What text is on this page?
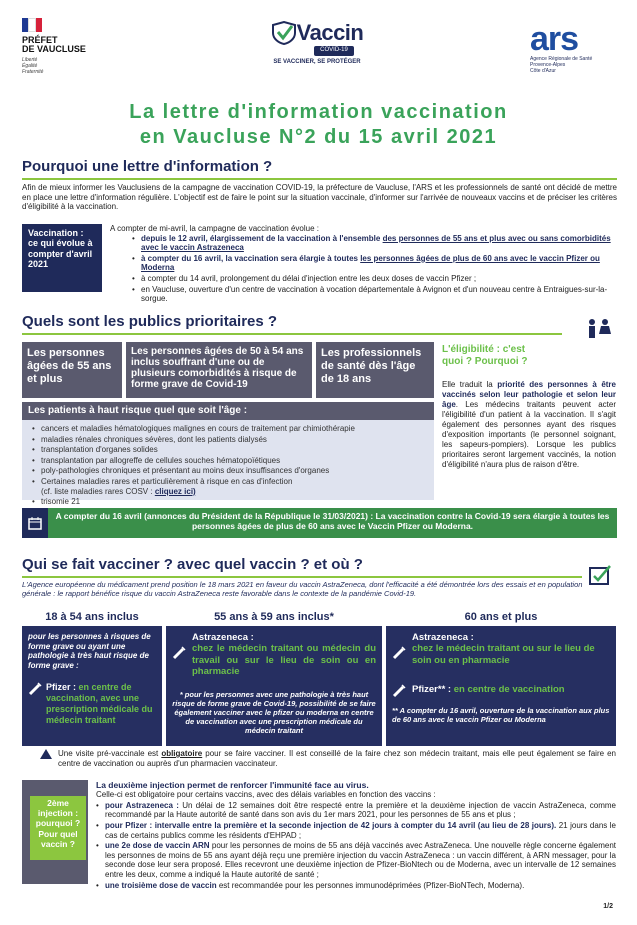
PRÉFET
DE VAUCLUSE
Liberté
Égalité
Fraternité
Vaccin
COVID-19
SE VACCINER, SE PROTÉGER
ars
Agence Régionale de Santé
Provence-Alpes
Côte d'Azur
La lettre d'information vaccination
en Vaucluse N°2 du 15 avril 2021
Pourquoi une lettre d'information ?
Afin de mieux informer les Vauclusiens de la campagne de vaccination COVID-19, la préfecture de Vaucluse, l'ARS et les professionnels de santé ont décidé de mettre en place une lettre d'information régulière. L'objectif est de faire le point sur la situation vaccinale, d'informer sur l'arrivée de nouveaux vaccins et de préciser les critères d'éligibilité à la vaccination.
Vaccination : ce qui évolue à compter d'avril 2021
A compter de mi-avril, la campagne de vaccination évolue :
• depuis le 12 avril, élargissement de la vaccination à l'ensemble des personnes de 55 ans et plus avec ou sans comorbidités avec le vaccin Astrazeneca
• à compter du 16 avril, la vaccination sera élargie à toutes les personnes âgées de plus de 60 ans avec le vaccin Pfizer ou Moderna
• à compter du 14 avril, prolongement du délai d'injection entre les deux doses de vaccin Pfizer ;
• en Vaucluse, ouverture d'un centre de vaccination à vocation départementale à Avignon et d'un nouveau centre à Entraigues-sur-la-sorgue.
Quels sont les publics prioritaires ?
Les personnes âgées de 55 ans et plus
Les personnes âgées de 50 à 54 ans inclus souffrant d'une ou de plusieurs comorbidités à risque de forme grave de Covid-19
Les professionnels de santé dès l'âge de 18 ans
Les patients à haut risque quel que soit l'âge :
• cancers et maladies hématologiques malignes en cours de traitement par chimiothérapie
• maladies rénales chroniques sévères, dont les patients dialysés
• transplantation d'organes solides
• transplantation par allogreffe de cellules souches hématopoïétiques
• poly-pathologies chroniques et présentant au moins deux insuffisances d'organes
• Certaines maladies rares et particulièrement à risque en cas d'infection
(cf. liste maladies rares COSV : cliquez ici)
• trisomie 21
L'éligibilité : c'est quoi ? Pourquoi ?
Elle traduit la priorité des personnes à être vaccinés selon leur pathologie et selon leur âge. Les médecins traitants peuvent acter l'éligibilité d'un patient à la vaccination. Il s'agit également des personnes ayant des risques d'exposition importants (le personnel soignant, les sapeurs-pompiers). Lorsque les publics prioritaires seront largement vaccinés, la notion d'éligibilité n'aura plus de raison d'être.
A compter du 16 avril (annonces du Président de la République le 31/03/2021) : La vaccination contre la Covid-19 sera élargie à toutes les personnes âgées de plus de 60 ans avec le Vaccin Pfizer ou Moderna.
Qui se fait vacciner ? avec quel vaccin ? et où ?
L'Agence européenne du médicament prend position le 18 mars 2021 en faveur du vaccin AstraZeneca, dont l'efficacité a été démontrée lors des essais et en population générale : le rapport bénéfice risque du vaccin AstraZeneca reste favorable dans le contexte de la pandémie Covid-19.
18 à 54 ans inclus	55 ans à 59 ans inclus*	60 ans et plus
pour les personnes à risques de forme grave ou ayant une pathologie à très haut risque de forme grave :
Pfizer : en centre de vaccination, avec une prescription médicale du médecin traitant
Astrazeneca :
chez le médecin traitant ou médecin du travail ou sur le lieu de soin ou en pharmacie
* pour les personnes avec une pathologie à très haut risque de forme grave de Covid-19, possibilité de se faire également vacciner avec le pfizer ou moderna en centre de vaccination avec une prescription médicale du médecin traitant
Astrazeneca :
chez le médecin traitant ou sur le lieu de soin ou en pharmacie
Pfizer** : en centre de vaccination
** A compter du 16 avril, ouverture de la vaccination aux plus de 60 ans avec le vaccin Pfizer ou Moderna
Une visite pré-vaccinale est obligatoire pour se faire vacciner. Il est conseillé de la faire chez son médecin traitant, mais elle peut également se faire en centre de vaccination ou auprès d'un pharmacien vaccinateur.
2ème injection : pourquoi ? Pour quel vaccin ?
La deuxième injection permet de renforcer l'immunité face au virus.
Celle-ci est obligatoire pour certains vaccins, avec des délais variables en fonction des vaccins :
• pour Astrazeneca : Un délai de 12 semaines doit être respecté entre la première et la deuxième injection de vaccin AstraZeneca, comme recommandé par la Haute autorité de santé dans son avis du 1er mars 2021, pour les personnes de 55 ans et plus ;
• pour Pfizer : intervalle entre la première et la seconde injection de 42 jours à compter du 14 avril (au lieu de 28 jours). 21 jours dans le cas de certains publics comme les résidents d'EHPAD ;
• une 2e dose de vaccin ARN pour les personnes de moins de 55 ans déjà vaccinés avec AstraZeneca. Une nouvelle règle concerne également les personnes de moins de 55 ans ayant déjà reçu une première injection du vaccin AstraZeneca : un vaccin différent, à ARN messager, pour la seconde dose leur sera proposé. Elles recevront une deuxième injection de Pfizer-BioNtech ou de Moderna, avec un intervalle de 12 semaines entre les deux, comme a indiqué la Haute autorité de santé ;
• une troisième dose de vaccin est recommandée pour les personnes immunodéprimées (Pfizer-BioNTech, Moderna).
1/2
